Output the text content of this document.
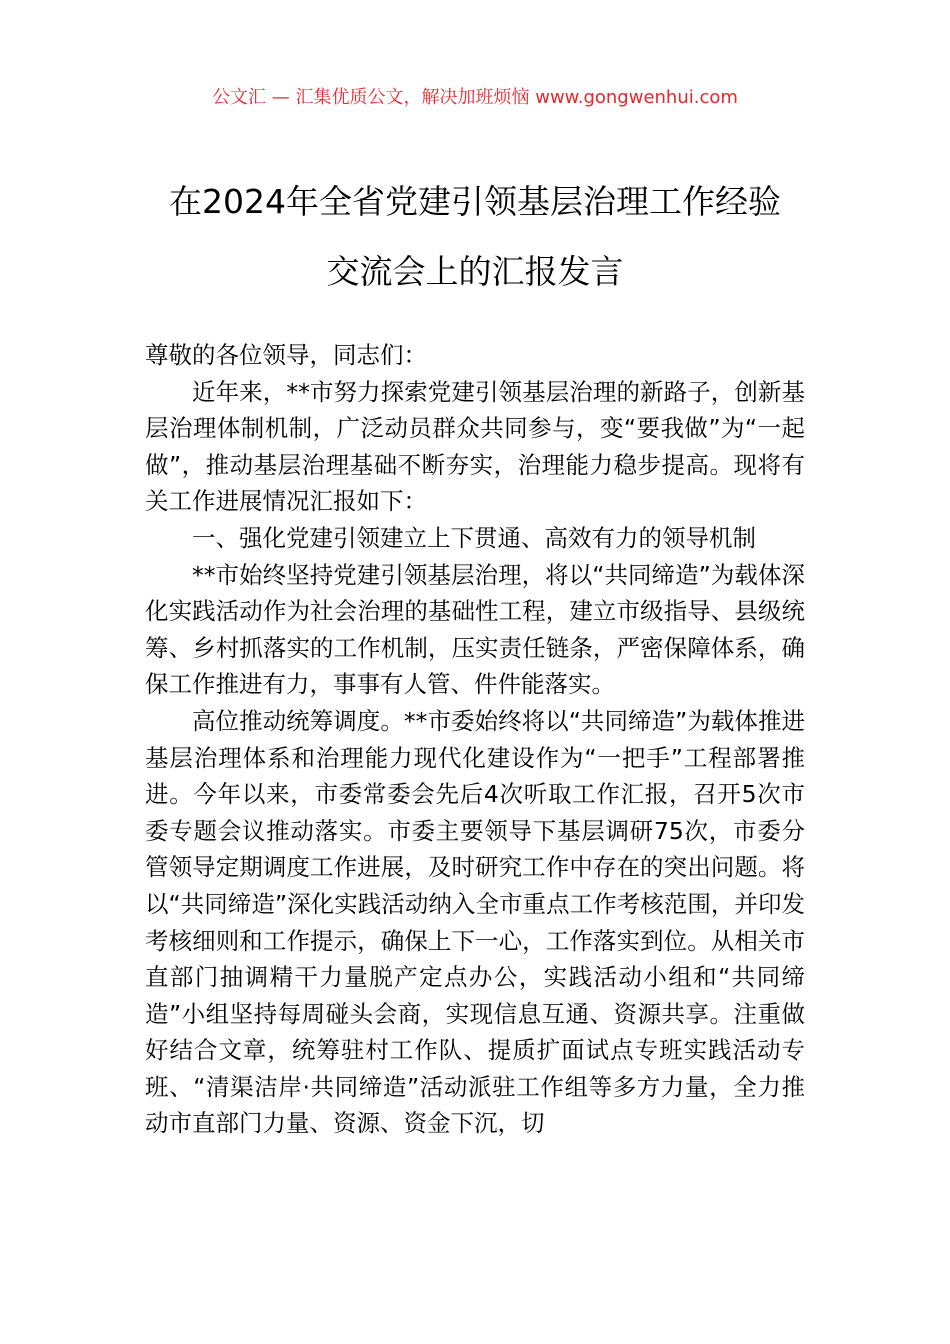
公文汇 — 汇集优质公文，解决加班烦恼 www.gongwenhui.com
在2024年全省党建引领基层治理工作经验
交流会上的汇报发言

尊敬的各位领导，同志们：

近年来，**市努力探索党建引领基层治理的新路子，创新基层治理体制机制，广泛动员群众共同参与，变“要我做”为“一起做”，推动基层治理基础不断夯实，治理能力稳步提高。现将有关工作进展情况汇报如下：

一、强化党建引领建立上下贯通、高效有力的领导机制

**市始终坚持党建引领基层治理，将以“共同缔造”为载体深化实践活动作为社会治理的基础性工程，建立市级指导、县级统筹、乡村抓落实的工作机制，压实责任链条，严密保障体系，确保工作推进有力，事事有人管、件件能落实。

高位推动统筹调度。**市委始终将以“共同缔造”为载体推进基层治理体系和治理能力现代化建设作为“一把手”工程部署推进。今年以来，市委常委会先后4次听取工作汇报，召开5次市委专题会议推动落实。市委主要领导下基层调研75次，市委分管领导定期调度工作进展，及时研究工作中存在的突出问题。将以“共同缔造”深化实践活动纳入全市重点工作考核范围，并印发考核细则和工作提示，确保上下一心，工作落实到位。从相关市直部门抽调精干力量脱产定点办公，实践活动小组和“共同缔造”小组坚持每周碰头会商，实现信息互通、资源共享。注重做好结合文章，统筹驻村工作队、提质扩面试点专班实践活动专班、“清渠洁岸·共同缔造”活动派驻工作组等多方力量，全力推动市直部门力量、资源、资金下沉，切
